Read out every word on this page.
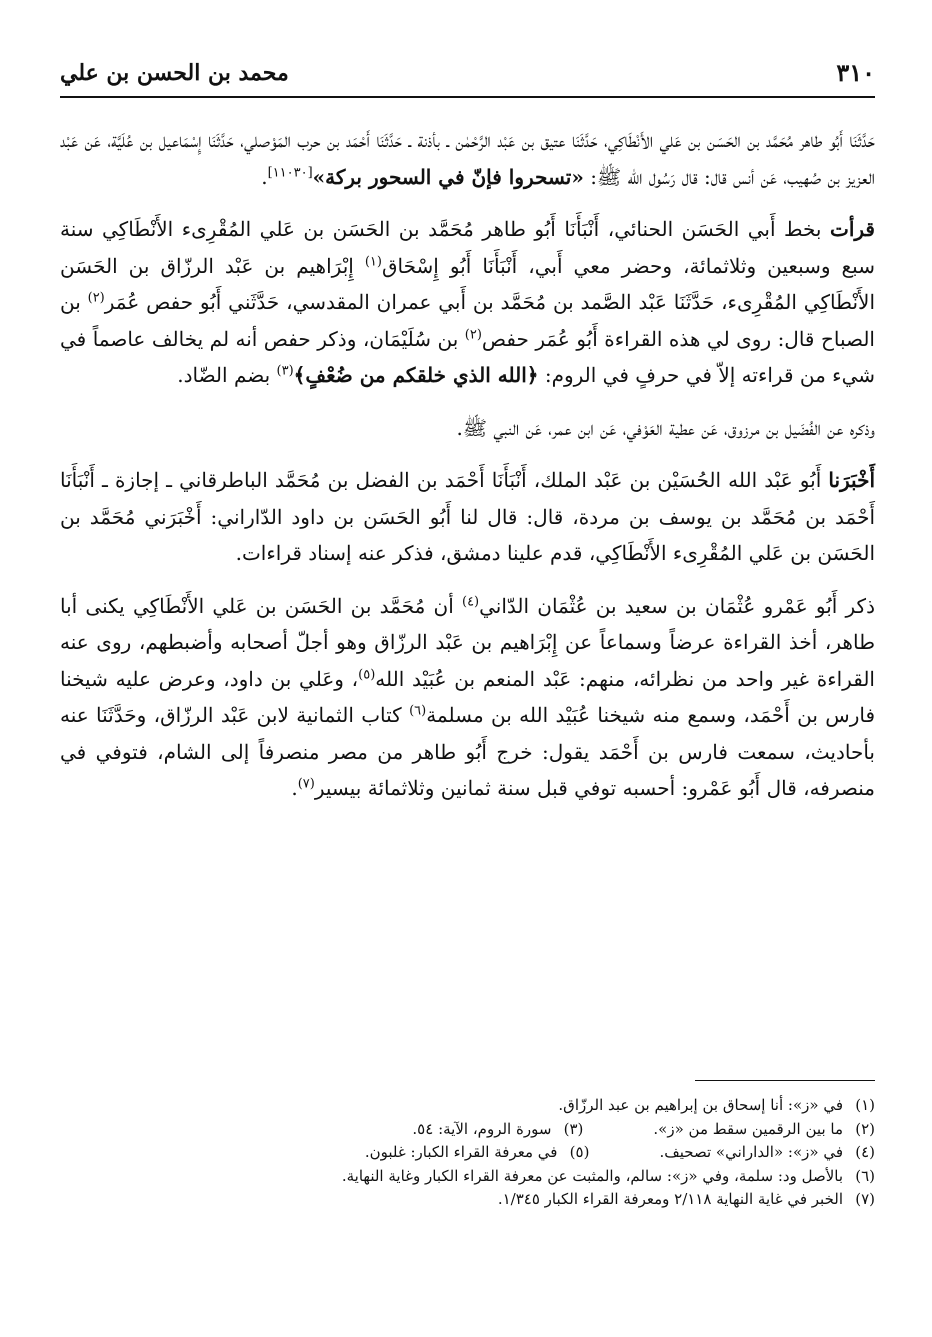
٣١٠
محمد بن الحسن بن علي

حَدَّثَنَا أَبُو طاهر مُحَمَّد بن الحَسَن بن عَلي الأَنْطَاكِي، حَدَّثَنَا عتيق بن عَبْد الرَّحْمٰن ـ بأذنة ـ حَدَّثَنَا أَحْمَد بن حرب المَوْصلي، حَدَّثَنَا إِسْمَاعيل بن عُلَيَّة، عَن عَبْد العزيز بن صُهيب، عَن أنس قال: قال رَسُول الله ﷺ: «تسحروا فإنّ في السحور بركة»[١١٠٣٠].

قرأت بخط أَبي الحَسَن الحنائي، أَنْبَأَنَا أَبُو طاهر مُحَمَّد بن الحَسَن بن عَلي المُقْرِىء الأَنْطَاكِي سنة سبع وسبعين وثلاثمائة، وحضر معي أَبي، أَنْبَأَنَا أَبُو إِسْحَاق$^{(١)}$ إِبْرَاهيم بن عَبْد الرزّاق بن الحَسَن الأَنْطَاكِي المُقْرِىء، حَدَّثَنَا عَبْد الصَّمد بن مُحَمَّد بن أَبي عمران المقدسي، حَدَّثَني أَبُو حفص عُمَر$^{(٢)}$ بن الصباح قال: روى لي هذه القراءة أَبُو عُمَر حفص$^{(٢)}$ بن سُلَيْمَان، وذكر حفص أنه لم يخالف عاصماً في شيء من قراءته إلاّ في حرفٍ في الروم: ﴿الله الذي خلقكم من ضُعْفٍ﴾$^{(٣)}$ بضم الضّاد.

وذكره عن الفُضَيل بن مرزوق، عَن عطية العَوْفي، عَن ابن عمر، عَن النبي ﷺ.

أَخْبَرَنا أَبُو عَبْد الله الحُسَيْن بن عَبْد الملك، أَنْبَأَنَا أَحْمَد بن الفضل بن مُحَمَّد الباطرقاني ـ إجازة ـ أَنْبَأَنَا أَحْمَد بن مُحَمَّد بن يوسف بن مردة، قال: قال لنا أَبُو الحَسَن بن داود الدّاراني: أَخْبَرَني مُحَمَّد بن الحَسَن بن عَلي المُقْرِىء الأَنْطَاكِي، قدم علينا دمشق، فذكر عنه إسناد قراءات.

ذكر أَبُو عَمْرو عُثْمَان بن سعيد بن عُثْمَان الدّاني$^{(٤)}$ أن مُحَمَّد بن الحَسَن بن عَلي الأَنْطَاكِي يكنى أبا طاهر، أخذ القراءة عرضاً وسماعاً عن إِبْرَاهيم بن عَبْد الرزّاق وهو أجلّ أصحابه وأضبطهم، روى عنه القراءة غير واحد من نظرائه، منهم: عَبْد المنعم بن عُبَيْد الله$^{(٥)}$، وعَلي بن داود، وعرض عليه شيخنا فارس بن أَحْمَد، وسمع منه شيخنا عُبَيْد الله بن مسلمة$^{(٦)}$ كتاب الثمانية لابن عَبْد الرزّاق، وحَدَّثَنَا عنه بأحاديث، سمعت فارس بن أَحْمَد يقول: خرج أَبُو طاهر من مصر منصرفاً إلى الشام، فتوفي في منصرفه، قال أَبُو عَمْرو: أحسبه توفي قبل سنة ثمانين وثلاثمائة بيسير$^{(٧)}$.

(١)في «ز»: أنا إسحاق بن إبراهيم بن عبد الرزّاق.
(٢)ما بين الرقمين سقط من «ز».
(٣)سورة الروم، الآية: ٥٤.
(٤)في «ز»: «الداراني» تصحيف.
(٥)في معرفة القراء الكبار: غلبون.
(٦)بالأصل ود: سلمة، وفي «ز»: سالم، والمثبت عن معرفة القراء الكبار وغاية النهاية.
(٧)الخبر في غاية النهاية ٢/١١٨ ومعرفة القراء الكبار ١/٣٤٥.
